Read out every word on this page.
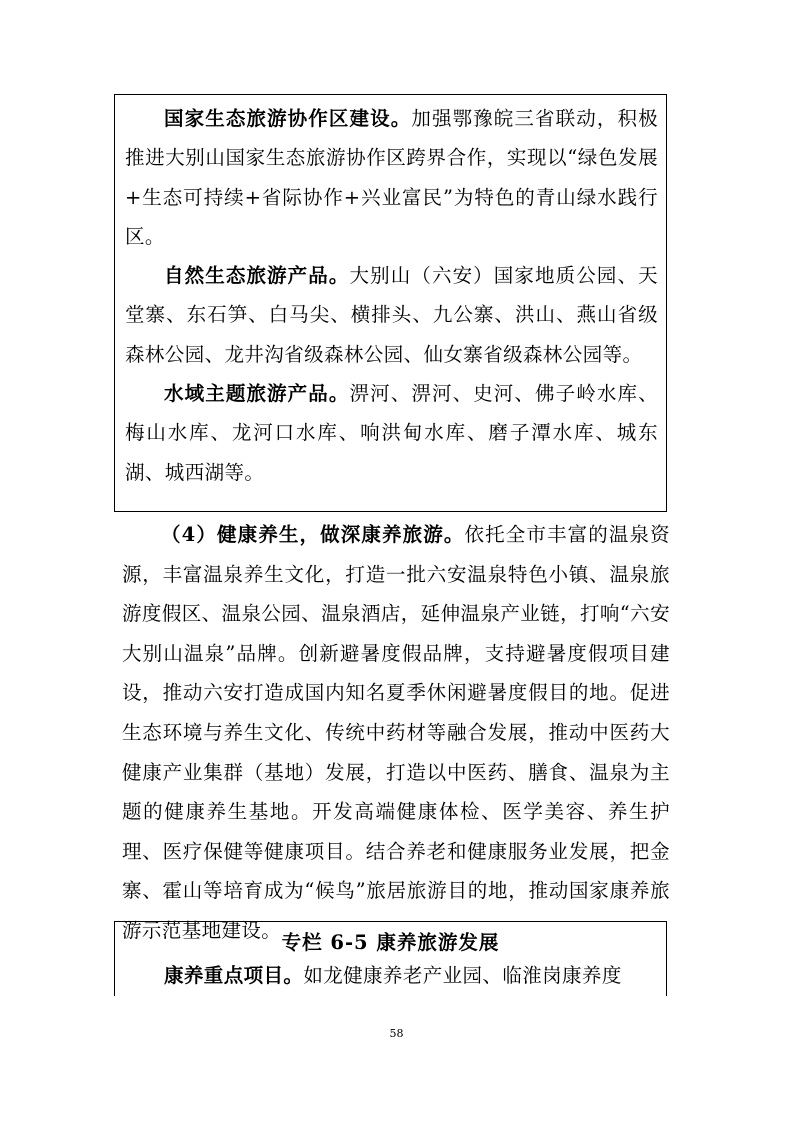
国家生态旅游协作区建设。加强鄂豫皖三省联动，积极推进大别山国家生态旅游协作区跨界合作，实现以“绿色发展+生态可持续+省际协作+兴业富民”为特色的青山绿水践行区。

自然生态旅游产品。大别山（六安）国家地质公园、天堂寨、东石笋、白马尖、横排头、九公寨、洪山、燕山省级森林公园、龙井沟省级森林公园、仙女寨省级森林公园等。

水域主题旅游产品。淠河、淠河、史河、佛子岭水库、梅山水库、龙河口水库、响洪甸水库、磨子潭水库、城东湖、城西湖等。

（4）健康养生，做深康养旅游。依托全市丰富的温泉资源，丰富温泉养生文化，打造一批六安温泉特色小镇、温泉旅游度假区、温泉公园、温泉酒店，延伸温泉产业链，打响“六安大别山温泉”品牌。创新避暑度假品牌，支持避暑度假项目建设，推动六安打造成国内知名夏季休闲避暑度假目的地。促进生态环境与养生文化、传统中药材等融合发展，推动中医药大健康产业集群（基地）发展，打造以中医药、膳食、温泉为主题的健康养生基地。开发高端健康体检、医学美容、养生护理、医疗保健等健康项目。结合养老和健康服务业发展，把金寨、霍山等培育成为“候鸟”旅居旅游目的地，推动国家康养旅游示范基地建设。

专栏 6-5 康养旅游发展

康养重点项目。如龙健康养老产业园、临淮岗康养度

58
